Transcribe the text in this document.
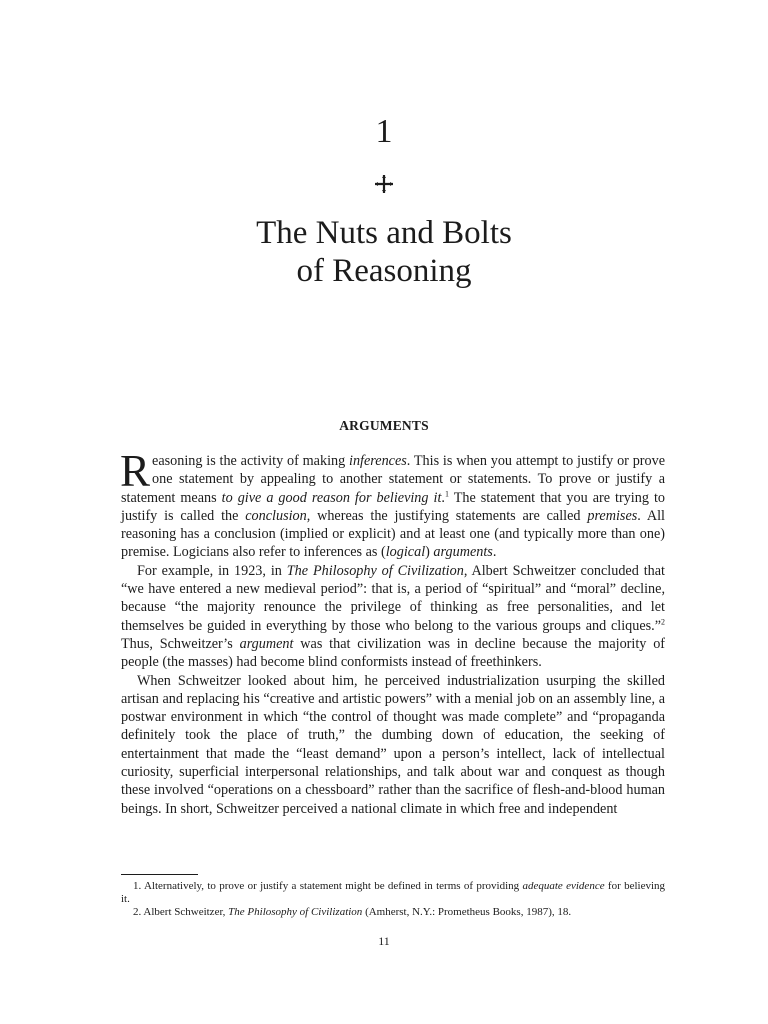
1
The Nuts and Bolts
of Reasoning
ARGUMENTS

Reasoning is the activity of making inferences. This is when you attempt to justify or prove one statement by appealing to another statement or statements. To prove or justify a statement means to give a good reason for believing it.$^1$ The statement that you are trying to justify is called the conclusion, whereas the justifying statements are called premises. All reasoning has a conclusion (implied or explicit) and at least one (and typically more than one) premise. Logicians also refer to inferences as (logical) arguments.

For example, in 1923, in The Philosophy of Civilization, Albert Schweitzer concluded that “we have entered a new medieval period”: that is, a period of “spiritual” and “moral” decline, because “the majority renounce the privilege of thinking as free personalities, and let themselves be guided in everything by those who belong to the various groups and cliques.”$^2$ Thus, Schweitzer’s argument was that civilization was in decline because the majority of people (the masses) had become blind conformists instead of freethinkers.

When Schweitzer looked about him, he perceived industrialization usurping the skilled artisan and replacing his “creative and artistic powers” with a menial job on an assembly line, a postwar environment in which “the control of thought was made complete” and “propaganda definitely took the place of truth,” the dumbing down of education, the seeking of entertainment that made the “least demand” upon a person’s intellect, lack of intellectual curiosity, superficial interpersonal relationships, and talk about war and conquest as though these involved “operations on a chessboard” rather than the sacrifice of flesh-and-blood human beings. In short, Schweitzer perceived a national climate in which free and independent

1. Alternatively, to prove or justify a statement might be defined in terms of providing adequate evidence for believing it.

2. Albert Schweitzer, The Philosophy of Civilization (Amherst, N.Y.: Prometheus Books, 1987), 18.

11
